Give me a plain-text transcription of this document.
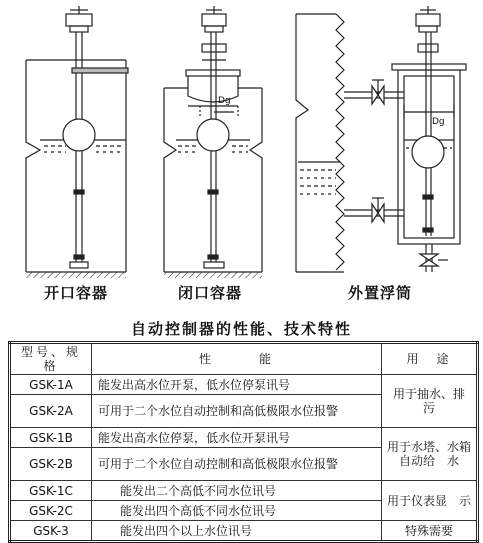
Dg
Dg
开口容器	闭口容器	外置浮筒
自动控制器的性能、技术特性
型号、规格	性　　　能	用　途
GSK-1A	能发出高水位开泵，低水位停泵讯号	用于抽水、排　污
GSK-2A	可用于二个水位自动控制和高低极限水位报警	
GSK-1B	能发出高水位停泵，低水位开泵讯号	用于水塔、水箱自动给　水
GSK-2B	可用于二个水位自动控制和高低极限水位报警	
GSK-1C	能发出二个高低不同水位讯号	用于仪表显　示
GSK-2C	能发出四个高低不同水位讯号	
GSK-3	能发出四个以上水位讯号	特殊需要
